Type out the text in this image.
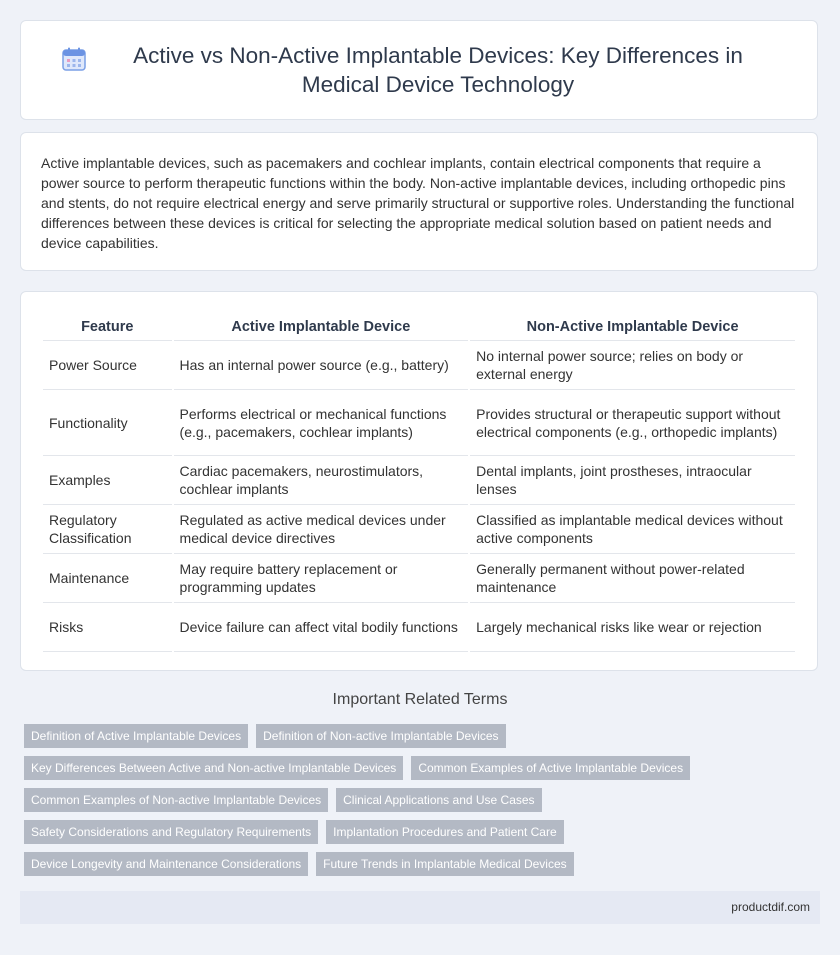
Active vs Non-Active Implantable Devices: Key Differences in Medical Device Technology

Active implantable devices, such as pacemakers and cochlear implants, contain electrical components that require a power source to perform therapeutic functions within the body. Non-active implantable devices, including orthopedic pins and stents, do not require electrical energy and serve primarily structural or supportive roles. Understanding the functional differences between these devices is critical for selecting the appropriate medical solution based on patient needs and device capabilities.

Feature	Active Implantable Device	Non-Active Implantable Device
Power Source	Has an internal power source (e.g., battery)	No internal power source; relies on body or external energy
Functionality	Performs electrical or mechanical functions (e.g., pacemakers, cochlear implants)	Provides structural or therapeutic support without electrical components (e.g., orthopedic implants)
Examples	Cardiac pacemakers, neurostimulators, cochlear implants	Dental implants, joint prostheses, intraocular lenses
Regulatory Classification	Regulated as active medical devices under medical device directives	Classified as implantable medical devices without active components
Maintenance	May require battery replacement or programming updates	Generally permanent without power-related maintenance
Risks	Device failure can affect vital bodily functions	Largely mechanical risks like wear or rejection
Important Related Terms
Definition of Active Implantable Devices	Definition of Non-active Implantable Devices
Key Differences Between Active and Non-active Implantable Devices	Common Examples of Active Implantable Devices
Common Examples of Non-active Implantable Devices	Clinical Applications and Use Cases
Safety Considerations and Regulatory Requirements	Implantation Procedures and Patient Care
Device Longevity and Maintenance Considerations	Future Trends in Implantable Medical Devices
productdif.com
